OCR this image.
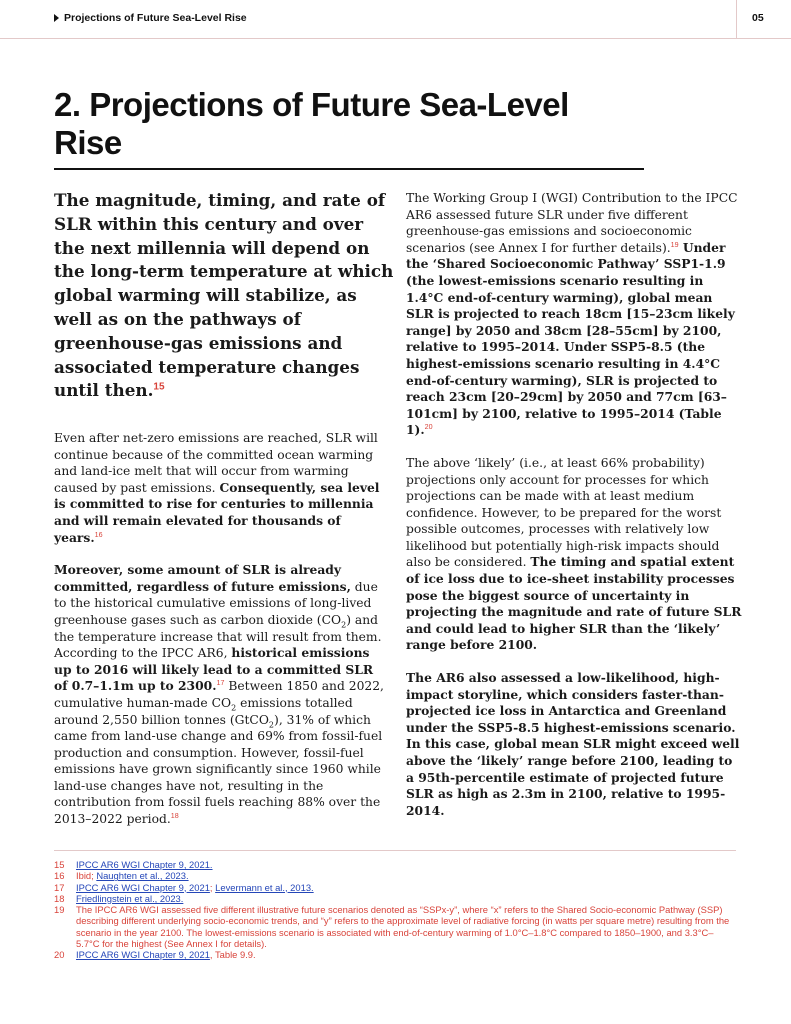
Projections of Future Sea-Level Rise	05
2. Projections of Future Sea-Level Rise

The magnitude, timing, and rate of SLR within this century and over the next millennia will depend on the long-term temperature at which global warming will stabilize, as well as on the pathways of greenhouse-gas emissions and associated temperature changes until then.$^{15}$

Even after net-zero emissions are reached, SLR will continue because of the committed ocean warming and land-ice melt that will occur from warming caused by past emissions. Consequently, sea level is committed to rise for centuries to millennia and will remain elevated for thousands of years.$^{16}$

Moreover, some amount of SLR is already committed, regardless of future emissions, due to the historical cumulative emissions of long-lived greenhouse gases such as carbon dioxide $(CO_2)$ and the temperature increase that will result from them. According to the IPCC AR6, historical emissions up to 2016 will likely lead to a committed SLR of 0.7–1.1m up to 2300.17 Between 1850 and 2022, cumulative human-made $CO_2$ emissions totalled around 2,550 billion tonnes (GtCO$_2$), 31% of which came from land-use change and 69% from fossil-fuel production and consumption. However, fossil-fuel emissions have grown significantly since 1960 while land-use changes have not, resulting in the contribution from fossil fuels reaching 88% over the 2013–2022 period.$^{18}$

The Working Group I (WGI) Contribution to the IPCC AR6 assessed future SLR under five different greenhouse-gas emissions and socioeconomic scenarios (see Annex I for further details).$^{19}$ Under the ‘Shared Socioeconomic Pathway’ SSP1-1.9 (the lowest-emissions scenario resulting in 1.4°C end-of-century warming), global mean SLR is projected to reach 18cm [15–23cm likely range] by 2050 and 38cm [28–55cm] by 2100, relative to 1995–2014. Under SSP5-8.5 (the highest-emissions scenario resulting in 4.4°C end-of-century warming), SLR is projected to reach 23cm [20–29cm] by 2050 and 77cm [63–101cm] by 2100, relative to 1995–2014 (Table 1).$^{20}$

The above ‘likely’ (i.e., at least 66% probability) projections only account for processes for which projections can be made with at least medium confidence. However, to be prepared for the worst possible outcomes, processes with relatively low likelihood but potentially high-risk impacts should also be considered. The timing and spatial extent of ice loss due to ice-sheet instability processes pose the biggest source of uncertainty in projecting the magnitude and rate of future SLR and could lead to higher SLR than the ‘likely’ range before 2100.

The AR6 also assessed a low-likelihood, high-impact storyline, which considers faster-than-projected ice loss in Antarctica and Greenland under the SSP5-8.5 highest-emissions scenario. In this case, global mean SLR might exceed well above the ‘likely’ range before 2100, leading to a 95th-percentile estimate of projected future SLR as high as 2.3m in 2100, relative to 1995-2014.

15	IPCC AR6 WGI Chapter 9, 2021.
16	Ibid; Naughten et al., 2023.
17	IPCC AR6 WGI Chapter 9, 2021; Levermann et al., 2013.
18	Friedlingstein et al., 2023.
19	The IPCC AR6 WGI assessed five different illustrative future scenarios denoted as “SSPx-y”, where “x” refers to the Shared Socio-economic Pathway (SSP) describing different underlying socio-economic trends, and “y” refers to the approximate level of radiative forcing (in watts per square metre) resulting from the scenario in the year 2100. The lowest-emissions scenario is associated with end-of-century warming of 1.0°C–1.8°C compared to 1850–1900, and 3.3°C–5.7°C for the highest (See Annex I for details).
20	IPCC AR6 WGI Chapter 9, 2021, Table 9.9.
